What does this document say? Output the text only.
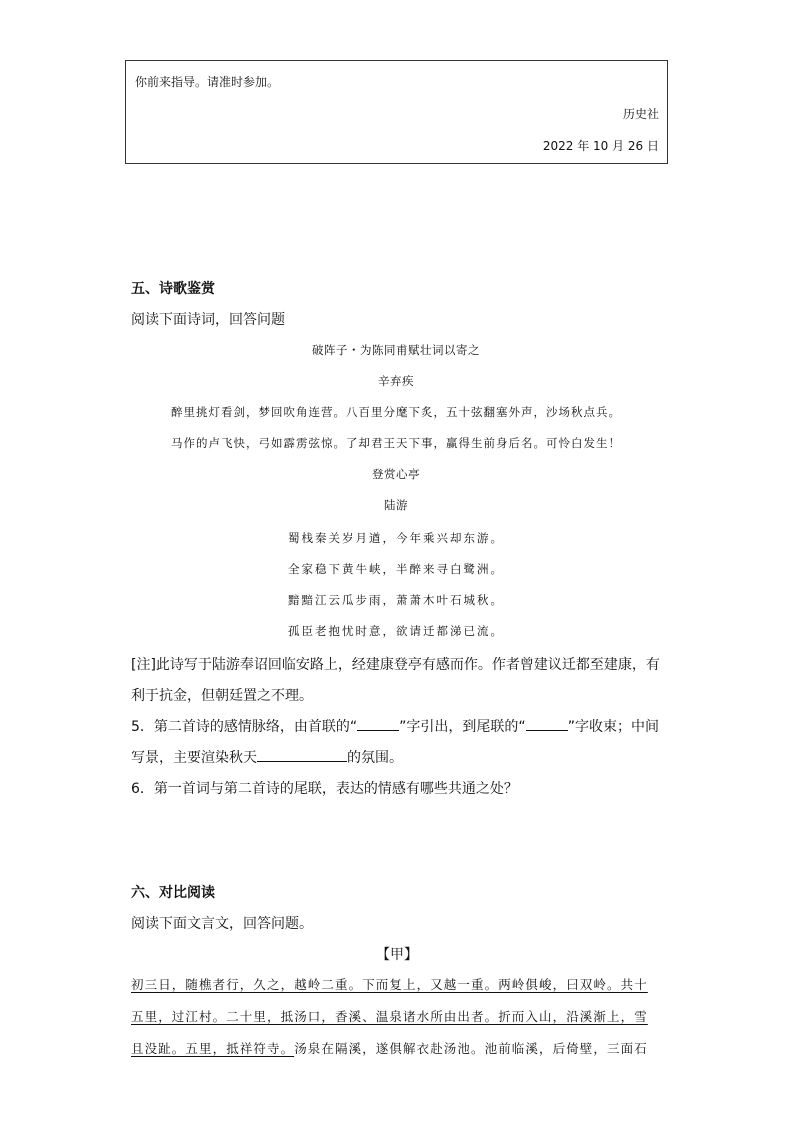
你前来指导。请准时参加。
历史社
2022 年 10 月 26 日
五、诗歌鉴赏
阅读下面诗词，回答问题
破阵子・为陈同甫赋壮词以寄之
辛弃疾
醉里挑灯看剑，梦回吹角连营。八百里分麾下炙，五十弦翻塞外声，沙场秋点兵。
马作的卢飞快，弓如霹雳弦惊。了却君王天下事，赢得生前身后名。可怜白发生！
登赏心亭
陆游
蜀栈秦关岁月遒，今年乘兴却东游。
全家稳下黄牛峡，半醉来寻白鹭洲。
黯黯江云瓜步雨，萧萧木叶石城秋。
孤臣老抱忧时意，欲请迁都涕已流。
[注]此诗写于陆游奉诏回临安路上，经建康登亭有感而作。作者曾建议迁都至建康，有
利于抗金，但朝廷置之不理。
5．第二首诗的感情脉络，由首联的“	”字引出，到尾联的“	”字收束；中间
写景，主要渲染秋天	的氛围。
6．第一首词与第二首诗的尾联，表达的情感有哪些共通之处？
六、对比阅读
阅读下面文言文，回答问题。
【甲】
初三日，随樵者行，久之，越岭二重。下而复上，又越一重。两岭俱峻，曰双岭。共十
五里，过江村。二十里，抵汤口，香溪、温泉诸水所由出者。折而入山，沿溪渐上，雪
且没趾。五里，抵祥符寺。汤泉在隔溪，遂俱解衣赴汤池。池前临溪，后倚壁，三面石
